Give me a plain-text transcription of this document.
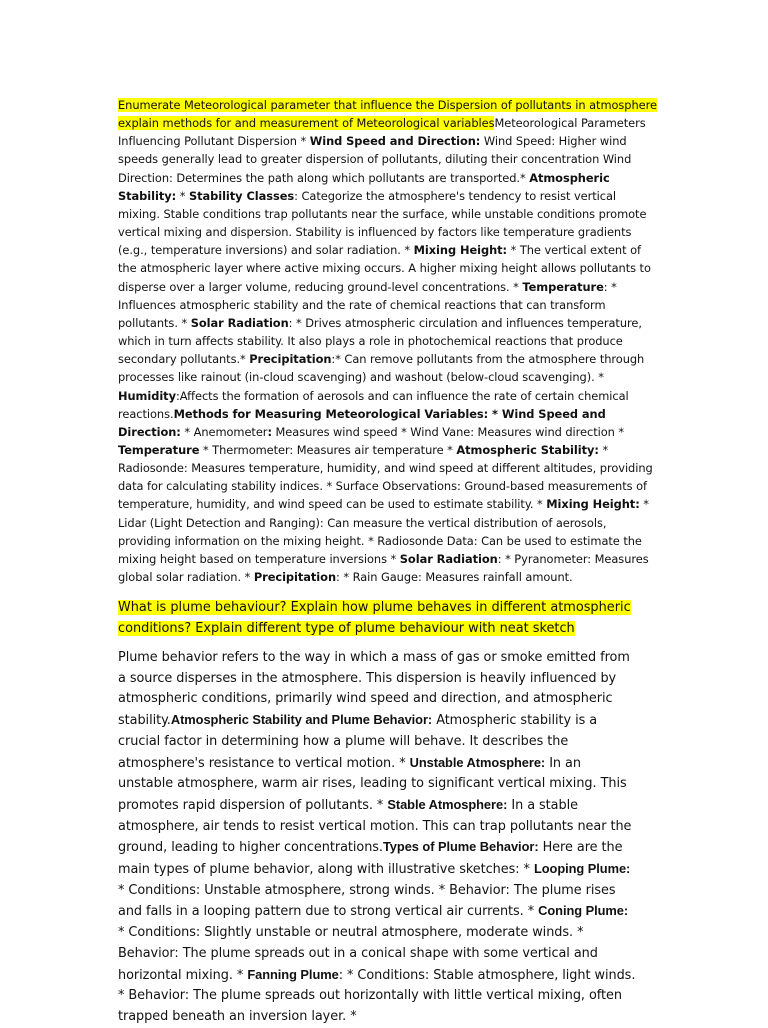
Enumerate Meteorological parameter that influence the Dispersion of pollutants in atmosphere explain methods for and measurement of Meteorological variablesMeteorological Parameters Influencing Pollutant Dispersion * Wind Speed and Direction: Wind Speed: Higher wind speeds generally lead to greater dispersion of pollutants, diluting their concentration Wind Direction: Determines the path along which pollutants are transported.* Atmospheric Stability: * Stability Classes: Categorize the atmosphere's tendency to resist vertical mixing. Stable conditions trap pollutants near the surface, while unstable conditions promote vertical mixing and dispersion. Stability is influenced by factors like temperature gradients (e.g., temperature inversions) and solar radiation. * Mixing Height: * The vertical extent of the atmospheric layer where active mixing occurs. A higher mixing height allows pollutants to disperse over a larger volume, reducing ground-level concentrations. * Temperature: * Influences atmospheric stability and the rate of chemical reactions that can transform pollutants. * Solar Radiation: * Drives atmospheric circulation and influences temperature, which in turn affects stability. It also plays a role in photochemical reactions that produce secondary pollutants.* Precipitation:* Can remove pollutants from the atmosphere through processes like rainout (in-cloud scavenging) and washout (below-cloud scavenging). * Humidity:Affects the formation of aerosols and can influence the rate of certain chemical reactions.Methods for Measuring Meteorological Variables: * Wind Speed and Direction: * Anemometer: Measures wind speed * Wind Vane: Measures wind direction * Temperature * Thermometer: Measures air temperature * Atmospheric Stability: * Radiosonde: Measures temperature, humidity, and wind speed at different altitudes, providing data for calculating stability indices. * Surface Observations: Ground-based measurements of temperature, humidity, and wind speed can be used to estimate stability. * Mixing Height: * Lidar (Light Detection and Ranging): Can measure the vertical distribution of aerosols, providing information on the mixing height. * Radiosonde Data: Can be used to estimate the mixing height based on temperature inversions * Solar Radiation: * Pyranometer: Measures global solar radiation. * Precipitation: * Rain Gauge: Measures rainfall amount.
What is plume behaviour? Explain how plume behaves in different atmospheric conditions? Explain different type of plume behaviour with neat sketch
Plume behavior refers to the way in which a mass of gas or smoke emitted from a source disperses in the atmosphere. This dispersion is heavily influenced by atmospheric conditions, primarily wind speed and direction, and atmospheric stability.Atmospheric Stability and Plume Behavior: Atmospheric stability is a crucial factor in determining how a plume will behave. It describes the atmosphere's resistance to vertical motion. * Unstable Atmosphere: In an unstable atmosphere, warm air rises, leading to significant vertical mixing. This promotes rapid dispersion of pollutants. * Stable Atmosphere: In a stable atmosphere, air tends to resist vertical motion. This can trap pollutants near the ground, leading to higher concentrations.Types of Plume Behavior: Here are the main types of plume behavior, along with illustrative sketches: * Looping Plume: * Conditions: Unstable atmosphere, strong winds. * Behavior: The plume rises and falls in a looping pattern due to strong vertical air currents. * Coning Plume: * Conditions: Slightly unstable or neutral atmosphere, moderate winds. * Behavior: The plume spreads out in a conical shape with some vertical and horizontal mixing. * Fanning Plume: * Conditions: Stable atmosphere, light winds. * Behavior: The plume spreads out horizontally with little vertical mixing, often trapped beneath an inversion layer. *
